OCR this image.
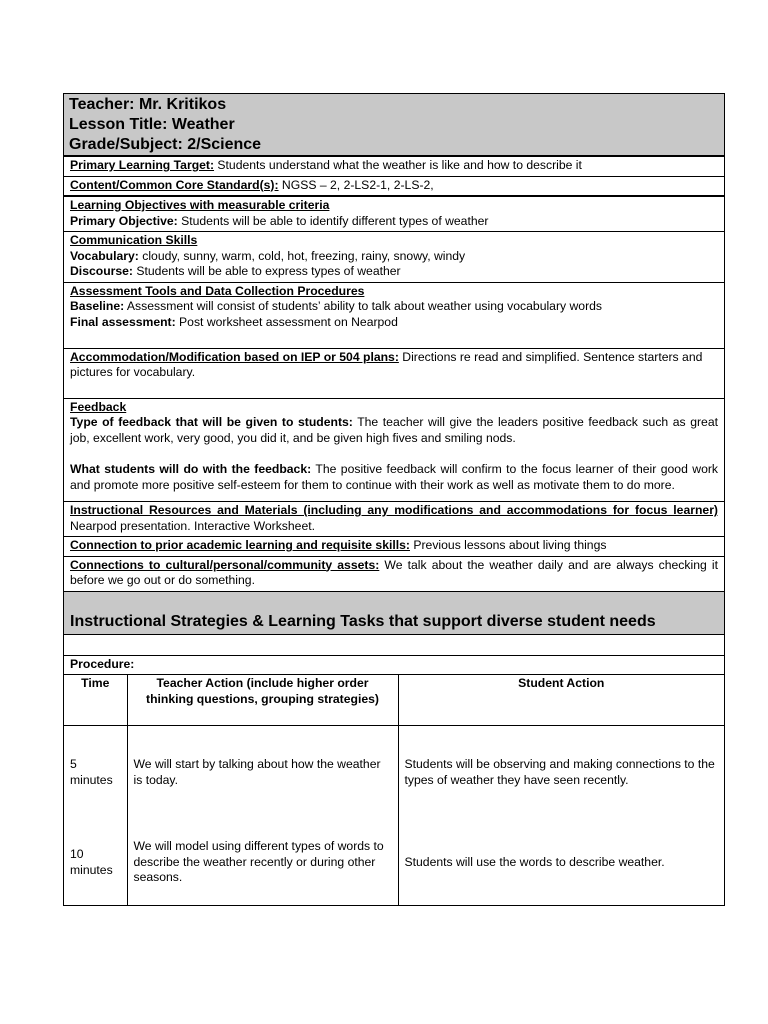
Teacher: Mr. Kritikos
Lesson Title: Weather
Grade/Subject: 2/Science
Primary Learning Target: Students understand what the weather is like and how to describe it
Content/Common Core Standard(s): NGSS – 2, 2-LS2-1, 2-LS-2,
Learning Objectives with measurable criteria
Primary Objective: Students will be able to identify different types of weather
Communication Skills
Vocabulary: cloudy, sunny, warm, cold, hot, freezing, rainy, snowy, windy
Discourse: Students will be able to express types of weather
Assessment Tools and Data Collection Procedures
Baseline: Assessment will consist of students’ ability to talk about weather using vocabulary words
Final assessment: Post worksheet assessment on Nearpod
Accommodation/Modification based on IEP or 504 plans: Directions re read and simplified. Sentence starters and pictures for vocabulary.
Feedback
Type of feedback that will be given to students: The teacher will give the leaders positive feedback such as great job, excellent work, very good, you did it, and be given high fives and smiling nods.
What students will do with the feedback: The positive feedback will confirm to the focus learner of their good work and promote more positive self-esteem for them to continue with their work as well as motivate them to do more.
Instructional Resources and Materials (including any modifications and accommodations for focus learner) Nearpod presentation. Interactive Worksheet.
Connection to prior academic learning and requisite skills: Previous lessons about living things
Connections to cultural/personal/community assets: We talk about the weather daily and are always checking it before we go out or do something.
Instructional Strategies & Learning Tasks that support diverse student needs
Procedure:
Time	Teacher Action (include higher order thinking questions, grouping strategies)	Student Action
5 minutes	We will start by talking about how the weather is today.	Students will be observing and making connections to the types of weather they have seen recently.
10 minutes	We will model using different types of words to describe the weather recently or during other seasons.	Students will use the words to describe weather.
